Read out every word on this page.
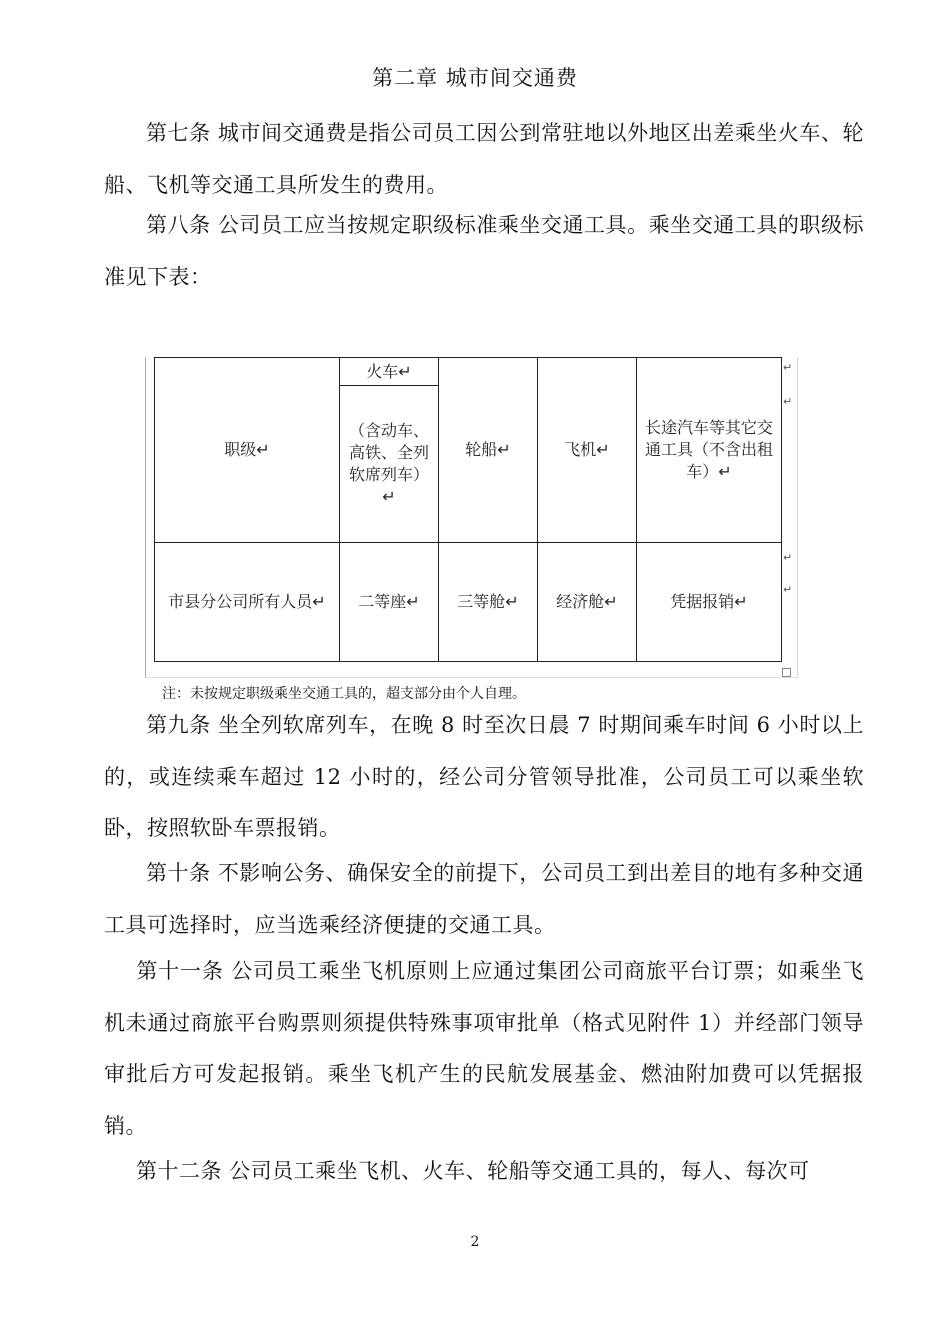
第二章 城市间交通费

第七条 城市间交通费是指公司员工因公到常驻地以外地区出差乘坐火车、轮船、飞机等交通工具所发生的费用。

第八条 公司员工应当按规定职级标准乘坐交通工具。乘坐交通工具的职级标准见下表：

职级↵	火车↵	轮船↵	飞机↵	长途汽车等其它交通工具（不含出租车）↵
	（含动车、高铁、全列软席列车）↵			
市县分公司所有人员↵	二等座↵	三等舱↵	经济舱↵	凭据报销↵
↵
↵
↵
↵
注：未按规定职级乘坐交通工具的，超支部分由个人自理。

第九条 坐全列软席列车，在晚 8 时至次日晨 7 时期间乘车时间 6 小时以上的，或连续乘车超过 12 小时的，经公司分管领导批准，公司员工可以乘坐软卧，按照软卧车票报销。

第十条 不影响公务、确保安全的前提下，公司员工到出差目的地有多种交通工具可选择时，应当选乘经济便捷的交通工具。

第十一条 公司员工乘坐飞机原则上应通过集团公司商旅平台订票；如乘坐飞机未通过商旅平台购票则须提供特殊事项审批单（格式见附件 1）并经部门领导审批后方可发起报销。乘坐飞机产生的民航发展基金、燃油附加费可以凭据报销。

第十二条 公司员工乘坐飞机、火车、轮船等交通工具的，每人、每次可

2
